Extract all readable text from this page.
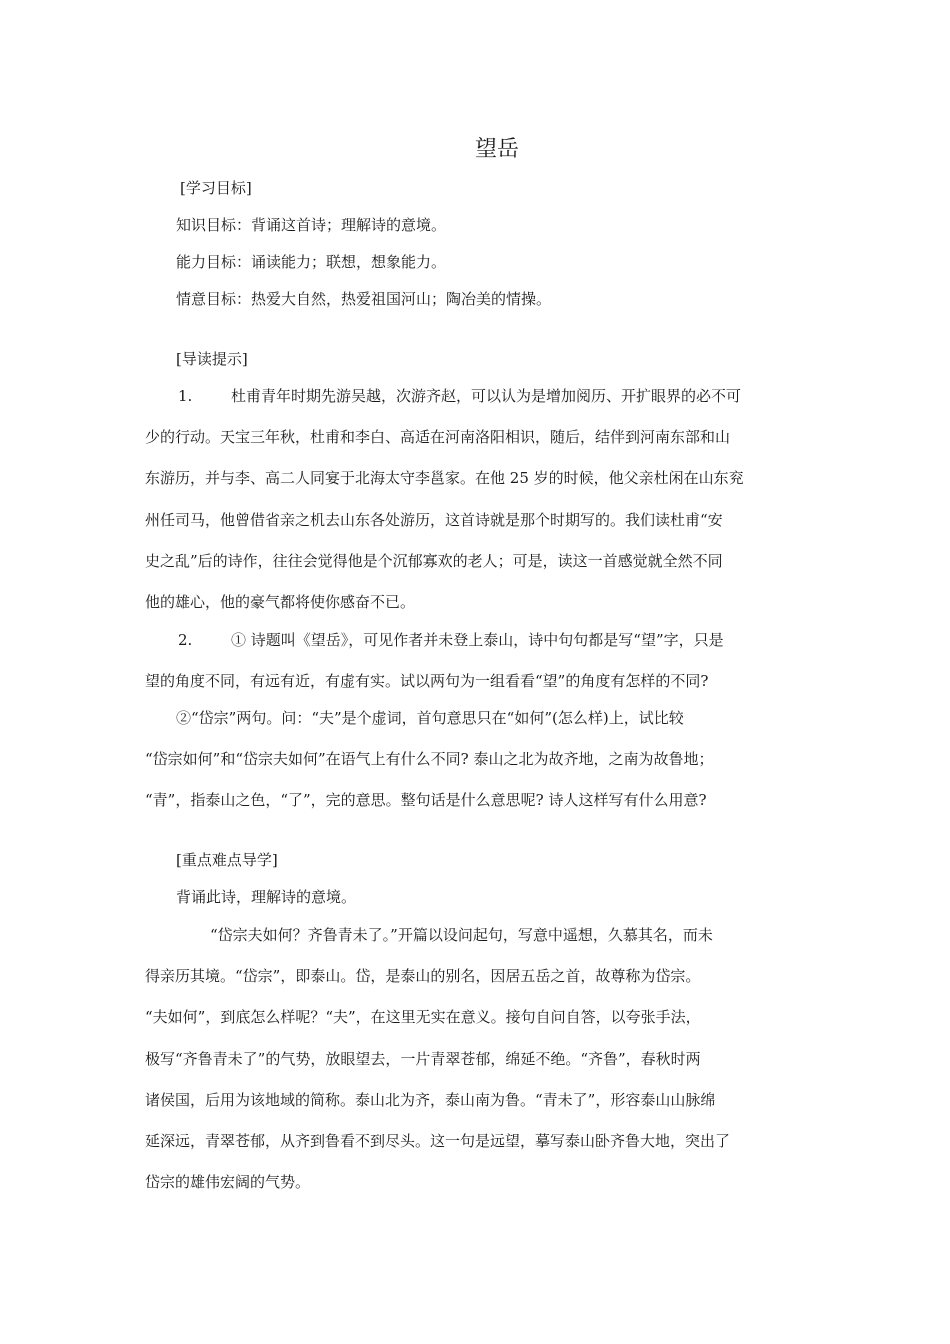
望岳
[学习目标]
知识目标：背诵这首诗；理解诗的意境。
能力目标：诵读能力；联想，想象能力。
情意目标：热爱大自然，热爱祖国河山；陶冶美的情操。
[导读提示]
1.	杜甫青年时期先游吴越，次游齐赵，可以认为是增加阅历、开扩眼界的必不可
少的行动。天宝三年秋，杜甫和李白、高适在河南洛阳相识，随后，结伴到河南东部和山
东游历，并与李、高二人同宴于北海太守李邕家。在他 25 岁的时候，他父亲杜闲在山东兖
州任司马，他曾借省亲之机去山东各处游历，这首诗就是那个时期写的。我们读杜甫“安
史之乱”后的诗作，往往会觉得他是个沉郁寡欢的老人；可是，读这一首感觉就全然不同
他的雄心，他的豪气都将使你感奋不已。
2.	① 诗题叫《望岳》，可见作者并未登上泰山，诗中句句都是写“望”字，只是
望的角度不同，有远有近，有虚有实。试以两句为一组看看“望”的角度有怎样的不同?
②“岱宗”两句。问：“夫”是个虚词，首句意思只在“如何”(怎么样)上，试比较
“岱宗如何”和“岱宗夫如何”在语气上有什么不同? 泰山之北为故齐地，之南为故鲁地；
“青”，指泰山之色，“了”，完的意思。整句话是什么意思呢? 诗人这样写有什么用意?
[重点难点导学]
背诵此诗，理解诗的意境。
“岱宗夫如何？齐鲁青未了。”开篇以设问起句，写意中遥想，久慕其名，而未
得亲历其境。“岱宗”，即泰山。岱，是泰山的别名，因居五岳之首，故尊称为岱宗。
“夫如何”，到底怎么样呢？“夫”，在这里无实在意义。接句自问自答，以夸张手法，
极写“齐鲁青未了”的气势，放眼望去，一片青翠苍郁，绵延不绝。“齐鲁”，春秋时两
诸侯国，后用为该地域的简称。泰山北为齐，泰山南为鲁。“青未了”，形容泰山山脉绵
延深远，青翠苍郁，从齐到鲁看不到尽头。这一句是远望，摹写泰山卧齐鲁大地，突出了
岱宗的雄伟宏阔的气势。
